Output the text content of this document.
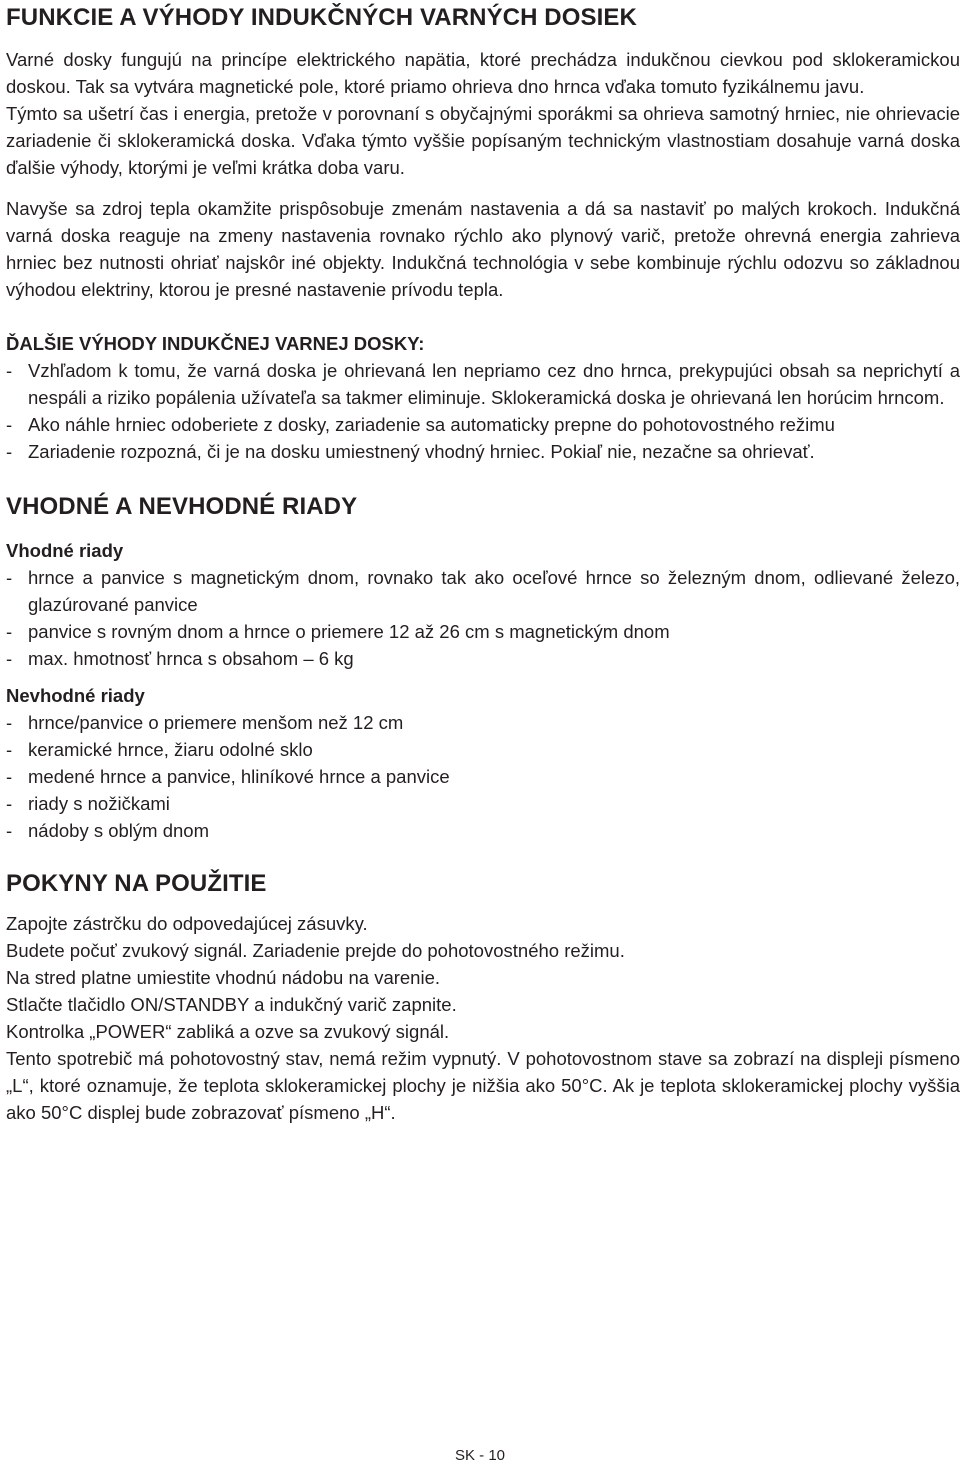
FUNKCIE A VÝHODY INDUKČNÝCH VARNÝCH DOSIEK

Varné dosky fungujú na princípe elektrického napätia, ktoré prechádza indukčnou cievkou pod sklokeramickou doskou. Tak sa vytvára magnetické pole, ktoré priamo ohrieva dno hrnca vďaka tomuto fyzikálnemu javu.

Týmto sa ušetrí čas i energia, pretože v porovnaní s obyčajnými sporákmi sa ohrieva samotný hrniec, nie ohrievacie zariadenie či sklokeramická doska. Vďaka týmto vyššie popísaným technickým vlastnostiam dosahuje varná doska ďalšie výhody, ktorými je veľmi krátka doba varu.

Navyše sa zdroj tepla okamžite prispôsobuje zmenám nastavenia a dá sa nastaviť po malých krokoch. Indukčná varná doska reaguje na zmeny nastavenia rovnako rýchlo ako plynový varič, pretože ohrevná energia zahrieva hrniec bez nutnosti ohriať najskôr iné objekty. Indukčná technológia v sebe kombinuje rýchlu odozvu so základnou výhodou elektriny, ktorou je presné nastavenie prívodu tepla.

ĎALŠIE VÝHODY INDUKČNEJ VARNEJ DOSKY:
- Vzhľadom k tomu, že varná doska je ohrievaná len nepriamo cez dno hrnca, prekypujúci obsah sa neprichytí a nespáli a riziko popálenia užívateľa sa takmer eliminuje. Sklokeramická doska je ohrievaná len horúcim hrncom.
- Ako náhle hrniec odoberiete z dosky, zariadenie sa automaticky prepne do pohotovostného režimu
- Zariadenie rozpozná, či je na dosku umiestnený vhodný hrniec. Pokiaľ nie, nezačne sa ohrievať.
VHODNÉ A NEVHODNÉ RIADY
Vhodné riady
- hrnce a panvice s magnetickým dnom, rovnako tak ako oceľové hrnce so železným dnom, odlievané železo, glazúrované panvice
- panvice s rovným dnom a hrnce o priemere 12 až 26 cm s magnetickým dnom
- max. hmotnosť hrnca s obsahom – 6 kg
Nevhodné riady
- hrnce/panvice o priemere menšom než 12 cm
- keramické hrnce, žiaru odolné sklo
- medené hrnce a panvice, hliníkové hrnce a panvice
- riady s nožičkami
- nádoby s oblým dnom
POKYNY NA POUŽITIE

Zapojte zástrčku do odpovedajúcej zásuvky.

Budete počuť zvukový signál. Zariadenie prejde do pohotovostného režimu.

Na stred platne umiestite vhodnú nádobu na varenie.

Stlačte tlačidlo ON/STANDBY a indukčný varič zapnite.

Kontrolka „POWER“ zabliká a ozve sa zvukový signál.

Tento spotrebič má pohotovostný stav, nemá režim vypnutý. V pohotovostnom stave sa zobrazí na displeji písmeno „L“, ktoré oznamuje, že teplota sklokeramickej plochy je nižšia ako 50°C. Ak je teplota sklokeramickej plochy vyššia ako 50°C displej bude zobrazovať písmeno „H“.

SK - 10
